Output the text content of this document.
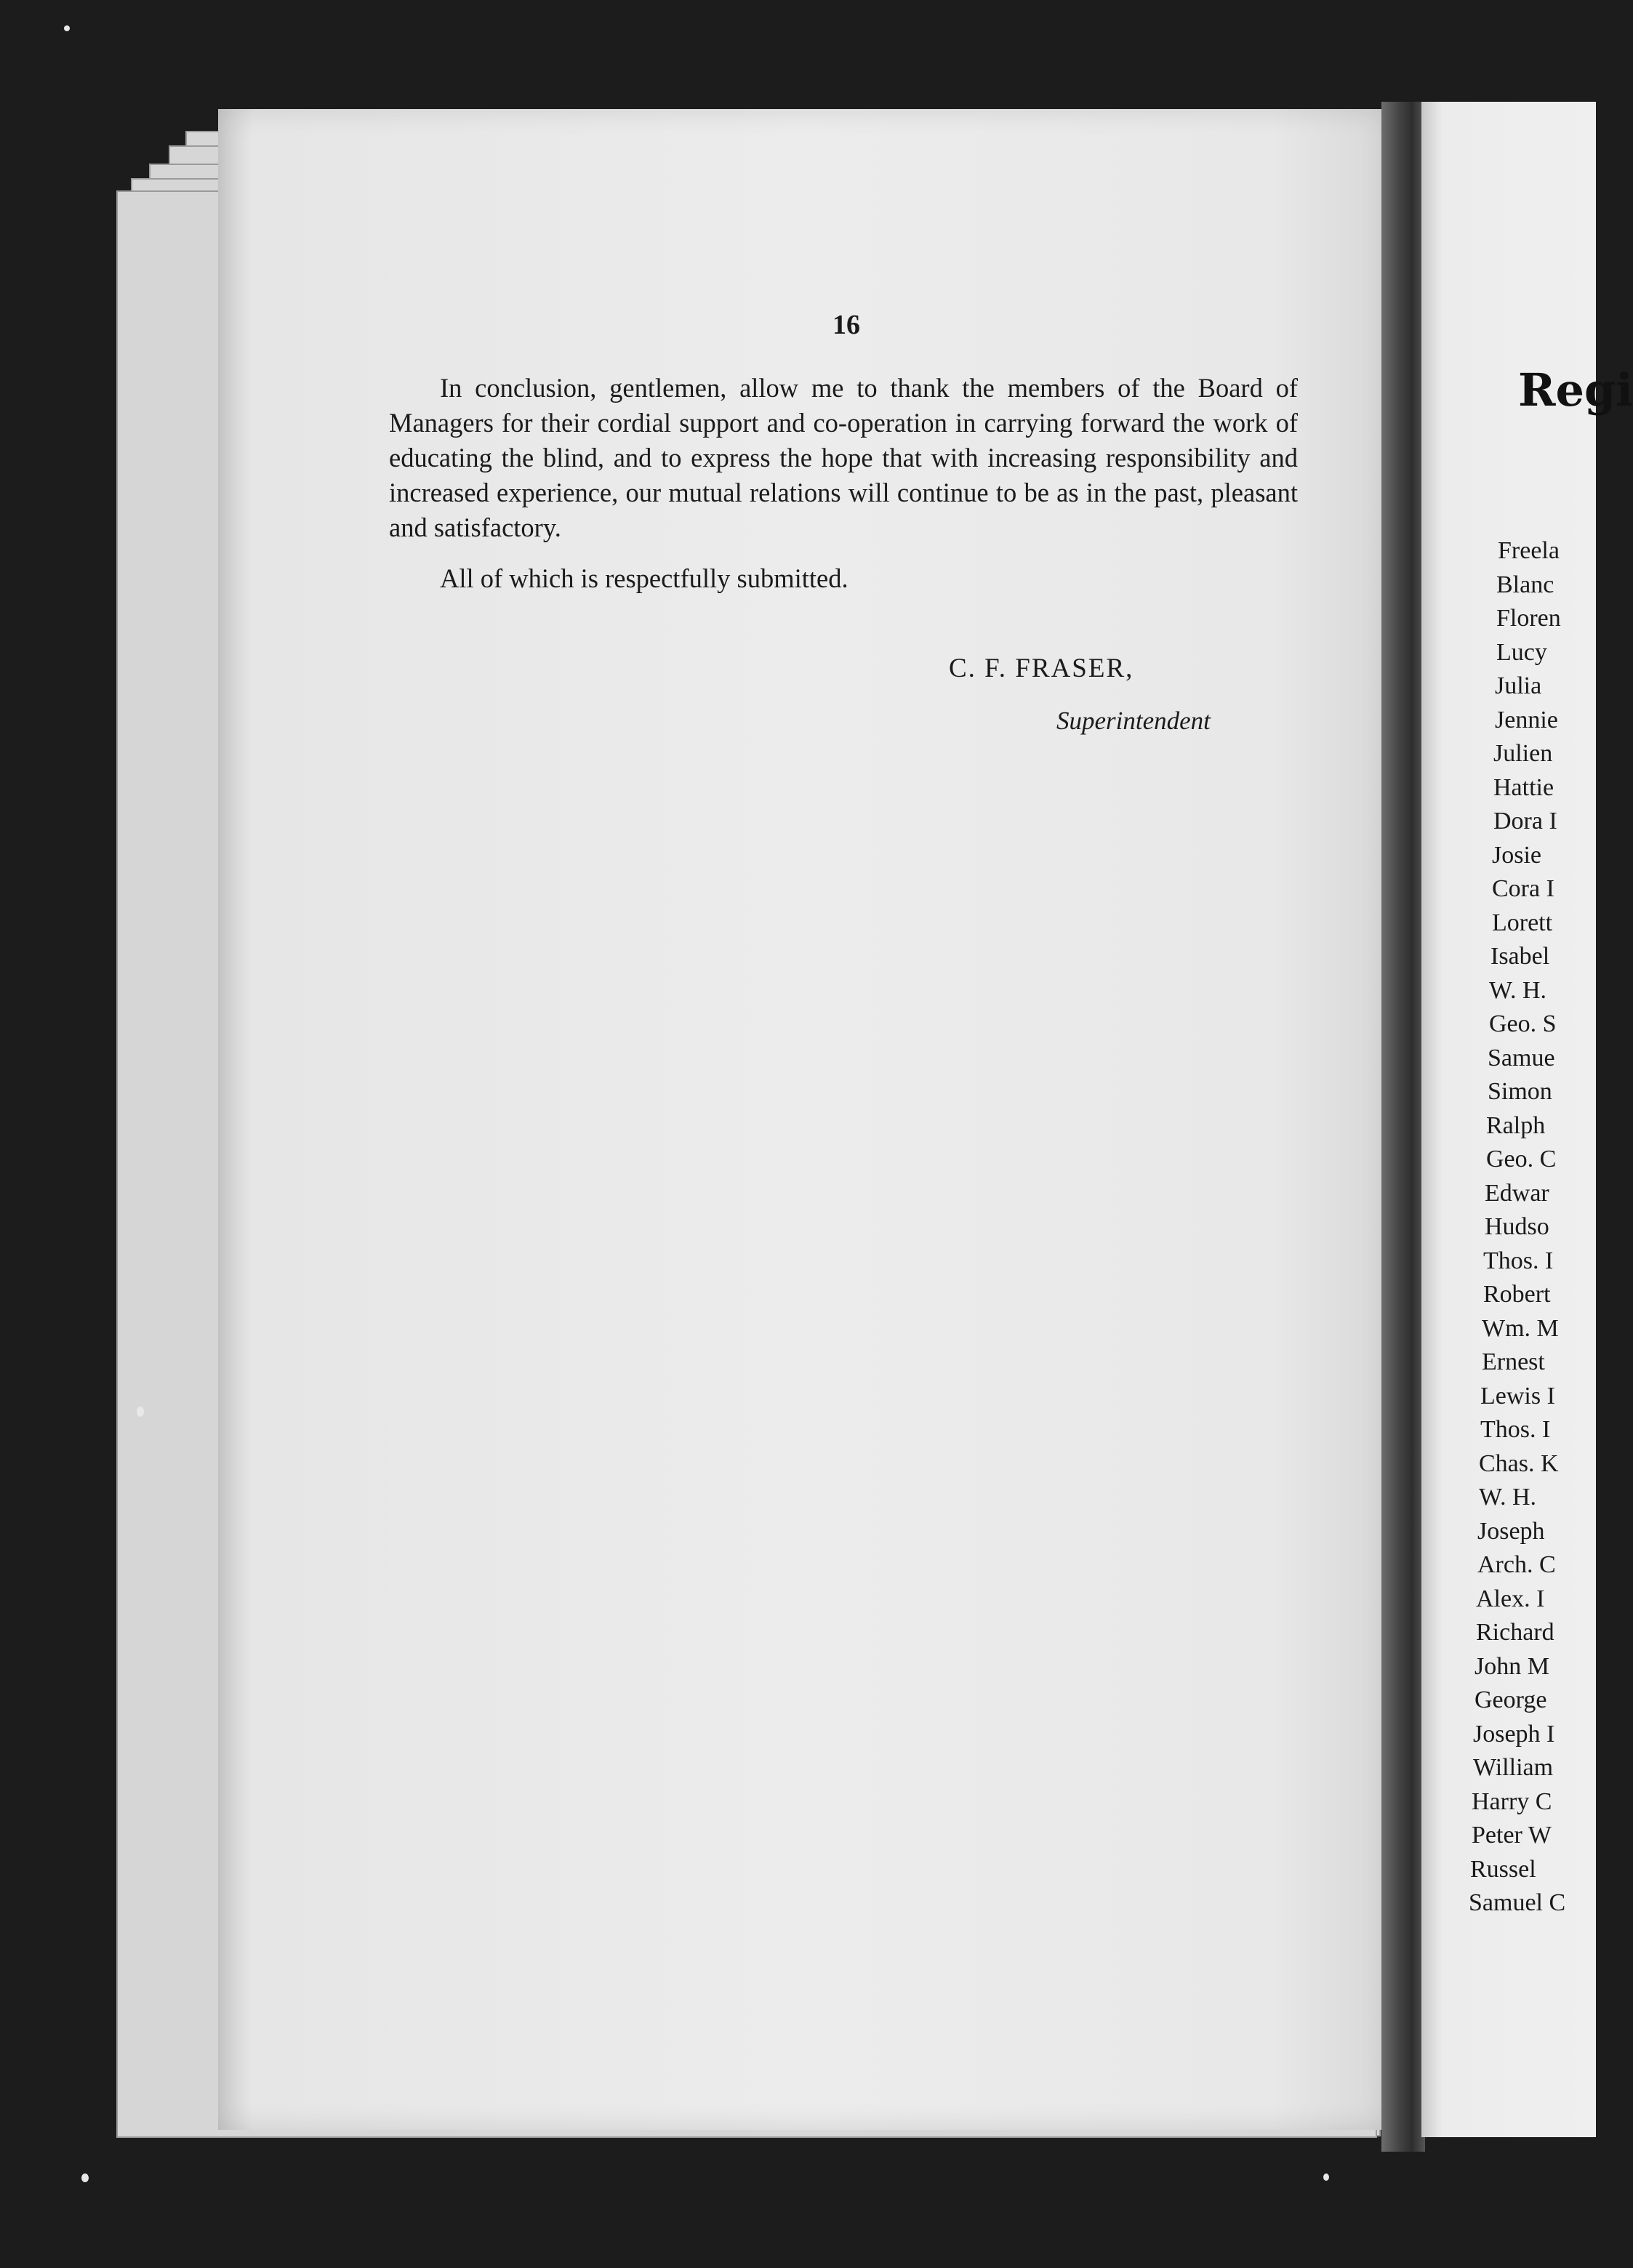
16

In conclusion, gentlemen, allow me to thank the members of the Board of Managers for their cordial support and co-operation in carrying forward the work of educating the blind, and to express the hope that with increasing responsibility and increased experience, our mutual relations will continue to be as in the past, pleasant and satisfactory.

All of which is respectfully submitted.

C. F. FRASER,
Superintendent
Regi
Freela
Blanc
Floren
Lucy
Julia
Jennie
Julien
Hattie
Dora I
Josie
Cora I
Lorett
Isabel
W. H.
Geo. S
Samue
Simon
Ralph
Geo. C
Edwar
Hudso
Thos. I
Robert
Wm. M
Ernest
Lewis I
Thos. I
Chas. K
W. H.
Joseph
Arch. C
Alex. I
Richard
John M
George
Joseph I
William
Harry C
Peter W
Russel
Samuel C
